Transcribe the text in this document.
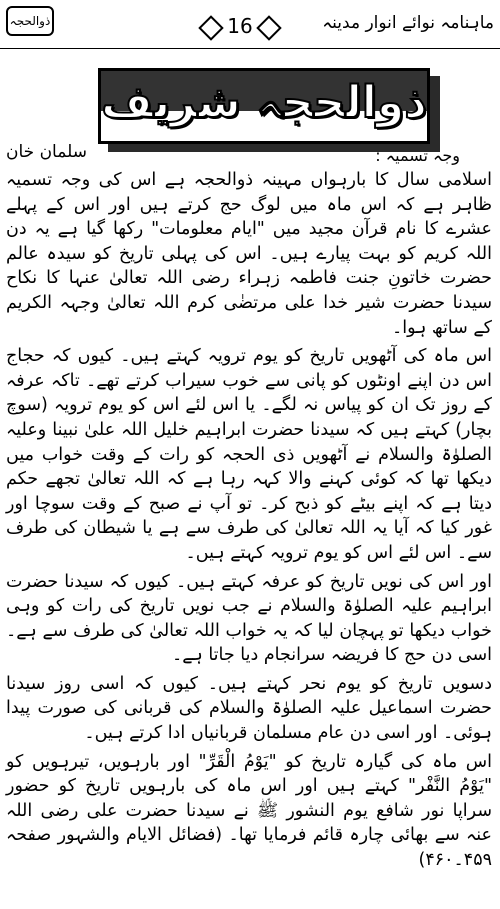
ذوالحجہ	16	ماہنامہ نوائے انوار مدینہ
ذوالحجہ شریف
سلمان خان	وجہ تسمیہ :

اسلامی سال کا بارہواں مہینہ ذوالحجہ ہے اس کی وجہ تسمیہ ظاہر ہے کہ اس ماہ میں لوگ حج کرتے ہیں اور اس کے پہلے عشرے کا نام قرآن مجید میں "ایام معلومات" رکھا گیا ہے یہ دن اللہ کریم کو بہت پیارے ہیں۔ اس کی پہلی تاریخ کو سیدہ عالم حضرت خاتونِ جنت فاطمہ زہراء رضی اللہ تعالیٰ عنہا کا نکاح سیدنا حضرت شیر خدا علی مرتضٰی کرم اللہ تعالیٰ وجہہ الکریم کے ساتھ ہوا۔

اس ماہ کی آٹھویں تاریخ کو یوم ترویہ کہتے ہیں۔ کیوں کہ حجاج اس دن اپنے اونٹوں کو پانی سے خوب سیراب کرتے تھے۔ تاکہ عرفہ کے روز تک ان کو پیاس نہ لگے۔ یا اس لئے اس کو یوم ترویہ (سوچ بچار) کہتے ہیں کہ سیدنا حضرت ابراہیم خلیل اللہ علیٰ نبینا وعلیہ الصلوٰۃ والسلام نے آٹھویں ذی الحجہ کو رات کے وقت خواب میں دیکھا تھا کہ کوئی کہنے والا کہہ رہا ہے کہ اللہ تعالیٰ تجھے حکم دیتا ہے کہ اپنے بیٹے کو ذبح کر۔ تو آپ نے صبح کے وقت سوچا اور غور کیا کہ آیا یہ اللہ تعالیٰ کی طرف سے ہے یا شیطان کی طرف سے۔ اس لئے اس کو یوم ترویہ کہتے ہیں۔

اور اس کی نویں تاریخ کو عرفہ کہتے ہیں۔ کیوں کہ سیدنا حضرت ابراہیم علیہ الصلوٰۃ والسلام نے جب نویں تاریخ کی رات کو وہی خواب دیکھا تو پہچان لیا کہ یہ خواب اللہ تعالیٰ کی طرف سے ہے۔ اسی دن حج کا فریضہ سرانجام دیا جاتا ہے۔

دسویں تاریخ کو یوم نحر کہتے ہیں۔ کیوں کہ اسی روز سیدنا حضرت اسماعیل علیہ الصلوٰۃ والسلام کی قربانی کی صورت پیدا ہوئی۔ اور اسی دن عام مسلمان قربانیاں ادا کرتے ہیں۔

اس ماہ کی گیارہ تاریخ کو "یَوْمُ الْقَرِّ" اور بارہویں، تیرہویں کو "یَوْمُ النَّفْر" کہتے ہیں اور اس ماہ کی بارہویں تاریخ کو حضور سراپا نور شافع یوم النشور ﷺ نے سیدنا حضرت علی رضی اللہ عنہ سے بھائی چارہ قائم فرمایا تھا۔ (فضائل الایام والشہور صفحہ ۴۵۹۔۴۶۰)
